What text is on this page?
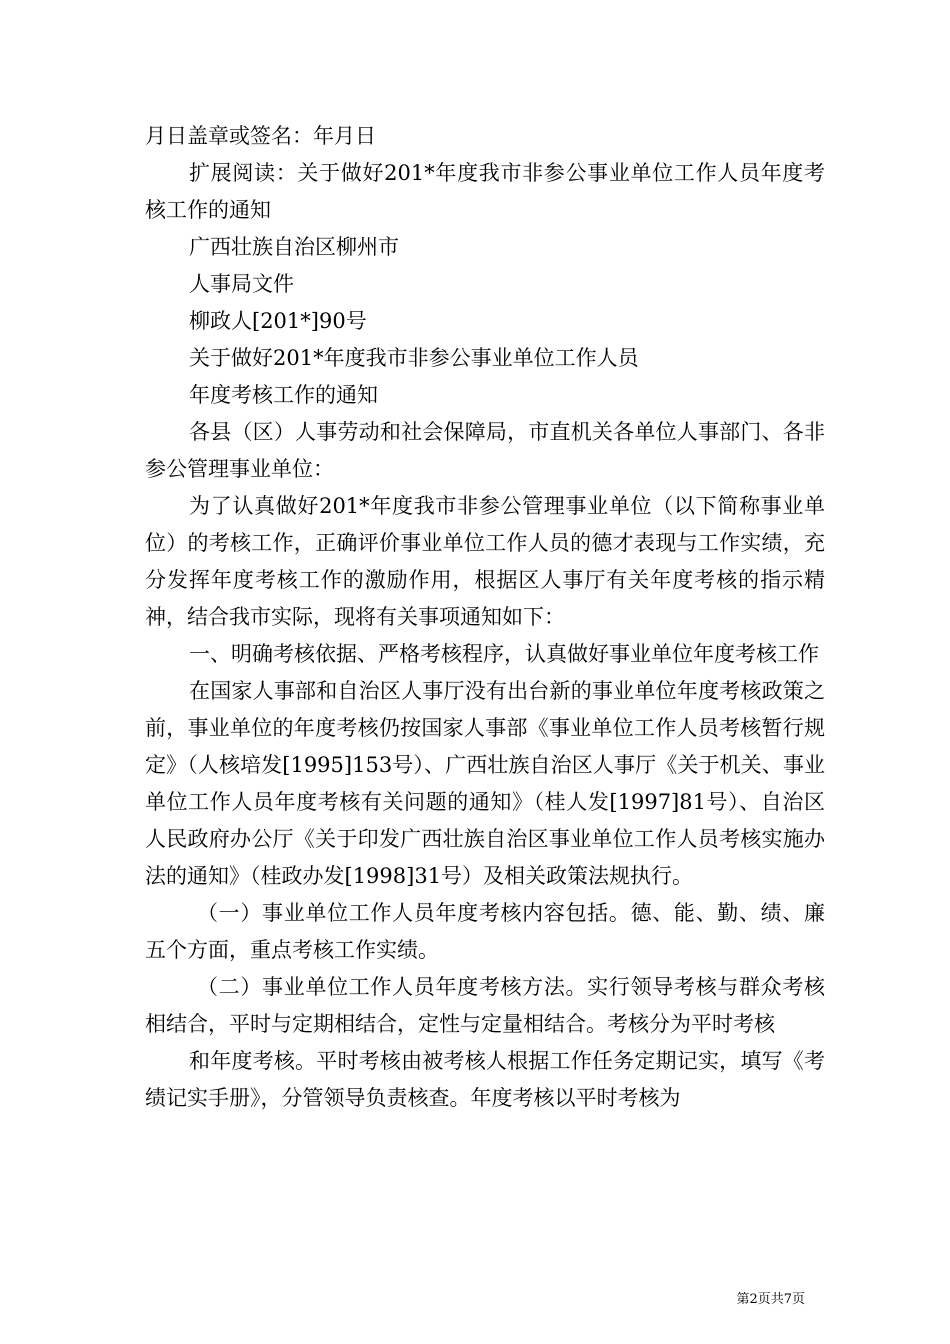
月日盖章或签名：年月日

扩展阅读：关于做好201*年度我市非参公事业单位工作人员年度考核工作的通知

广西壮族自治区柳州市

人事局文件

柳政人[201*]90号

关于做好201*年度我市非参公事业单位工作人员

年度考核工作的通知

各县（区）人事劳动和社会保障局，市直机关各单位人事部门、各非参公管理事业单位：

为了认真做好201*年度我市非参公管理事业单位（以下简称事业单位）的考核工作，正确评价事业单位工作人员的德才表现与工作实绩，充分发挥年度考核工作的激励作用，根据区人事厅有关年度考核的指示精神，结合我市实际，现将有关事项通知如下：

一、明确考核依据、严格考核程序，认真做好事业单位年度考核工作

在国家人事部和自治区人事厅没有出台新的事业单位年度考核政策之前，事业单位的年度考核仍按国家人事部《事业单位工作人员考核暂行规定》（人核培发[1995]153号）、广西壮族自治区人事厅《关于机关、事业单位工作人员年度考核有关问题的通知》（桂人发[1997]81号）、自治区人民政府办公厅《关于印发广西壮族自治区事业单位工作人员考核实施办法的通知》（桂政办发[1998]31号）及相关政策法规执行。

（一）事业单位工作人员年度考核内容包括。德、能、勤、绩、廉五个方面，重点考核工作实绩。

（二）事业单位工作人员年度考核方法。实行领导考核与群众考核相结合，平时与定期相结合，定性与定量相结合。考核分为平时考核

和年度考核。平时考核由被考核人根据工作任务定期记实，填写《考绩记实手册》，分管领导负责核查。年度考核以平时考核为

第2页共7页
